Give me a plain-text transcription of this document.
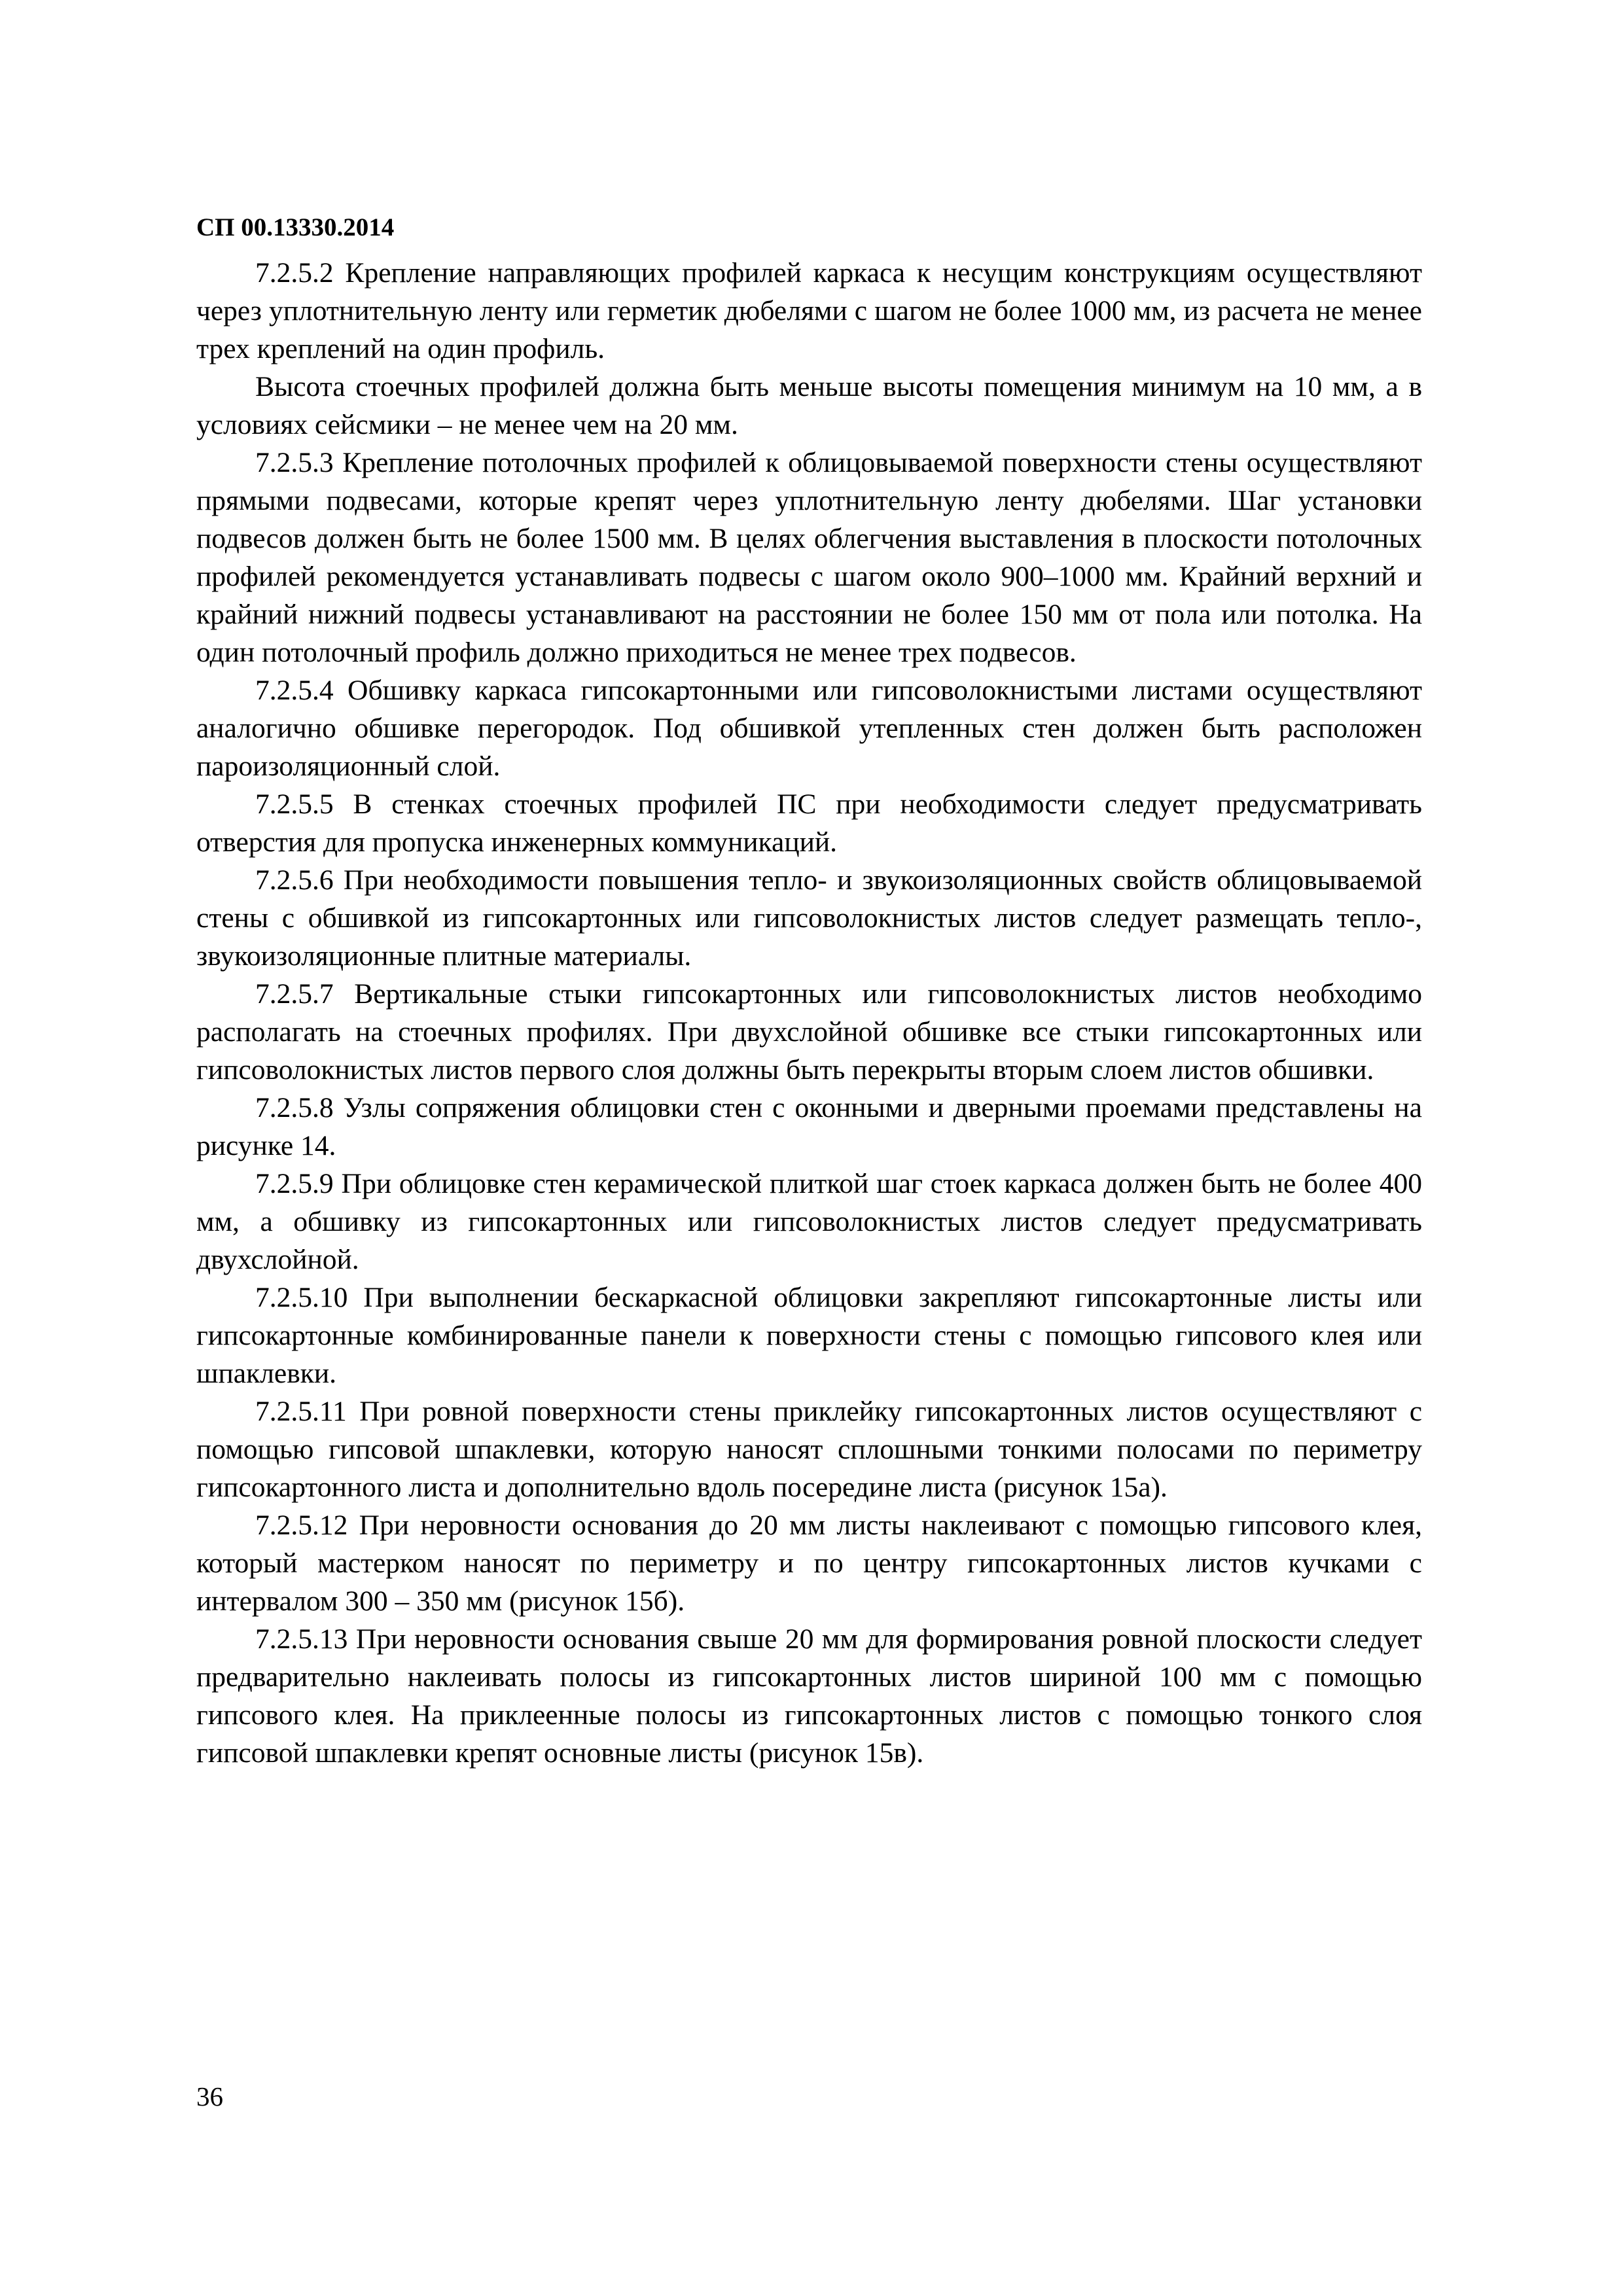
СП 00.13330.2014

7.2.5.2 Крепление направляющих профилей каркаса к несущим конструкциям осуществляют через уплотнительную ленту или герметик дюбелями с шагом не более 1000 мм, из расчета не менее трех креплений на один профиль.

Высота стоечных профилей должна быть меньше высоты помещения минимум на 10 мм, а в условиях сейсмики – не менее чем на 20 мм.

7.2.5.3 Крепление потолочных профилей к облицовываемой поверхности стены осуществляют прямыми подвесами, которые крепят через уплотнительную ленту дюбелями. Шаг установки подвесов должен быть не более 1500 мм. В целях облегчения выставления в плоскости потолочных профилей рекомендуется устанавливать подвесы с шагом около 900–1000 мм. Крайний верхний и крайний нижний подвесы устанавливают на расстоянии не более 150 мм от пола или потолка. На один потолочный профиль должно приходиться не менее трех подвесов.

7.2.5.4 Обшивку каркаса гипсокартонными или гипсоволокнистыми листами осуществляют аналогично обшивке перегородок. Под обшивкой утепленных стен должен быть расположен пароизоляционный слой.

7.2.5.5 В стенках стоечных профилей ПС при необходимости следует предусматривать отверстия для пропуска инженерных коммуникаций.

7.2.5.6 При необходимости повышения тепло- и звукоизоляционных свойств облицовываемой стены с обшивкой из гипсокартонных или гипсоволокнистых листов следует размещать тепло-, звукоизоляционные плитные материалы.

7.2.5.7 Вертикальные стыки гипсокартонных или гипсоволокнистых листов необходимо располагать на стоечных профилях. При двухслойной обшивке все стыки гипсокартонных или гипсоволокнистых листов первого слоя должны быть перекрыты вторым слоем листов обшивки.

7.2.5.8 Узлы сопряжения облицовки стен с оконными и дверными проемами представлены на рисунке 14.

7.2.5.9 При облицовке стен керамической плиткой шаг стоек каркаса должен быть не более 400 мм, а обшивку из гипсокартонных или гипсоволокнистых листов следует предусматривать двухслойной.

7.2.5.10 При выполнении бескаркасной облицовки закрепляют гипсокартонные листы или гипсокартонные комбинированные панели к поверхности стены с помощью гипсового клея или шпаклевки.

7.2.5.11 При ровной поверхности стены приклейку гипсокартонных листов осуществляют с помощью гипсовой шпаклевки, которую наносят сплошными тонкими полосами по периметру гипсокартонного листа и дополнительно вдоль посередине листа (рисунок 15а).

7.2.5.12 При неровности основания до 20 мм листы наклеивают с помощью гипсового клея, который мастерком наносят по периметру и по центру гипсокартонных листов кучками с интервалом 300 – 350 мм (рисунок 15б).

7.2.5.13 При неровности основания свыше 20 мм для формирования ровной плоскости следует предварительно наклеивать полосы из гипсокартонных листов шириной 100 мм с помощью гипсового клея. На приклеенные полосы из гипсокартонных листов с помощью тонкого слоя гипсовой шпаклевки крепят основные листы (рисунок 15в).

36
